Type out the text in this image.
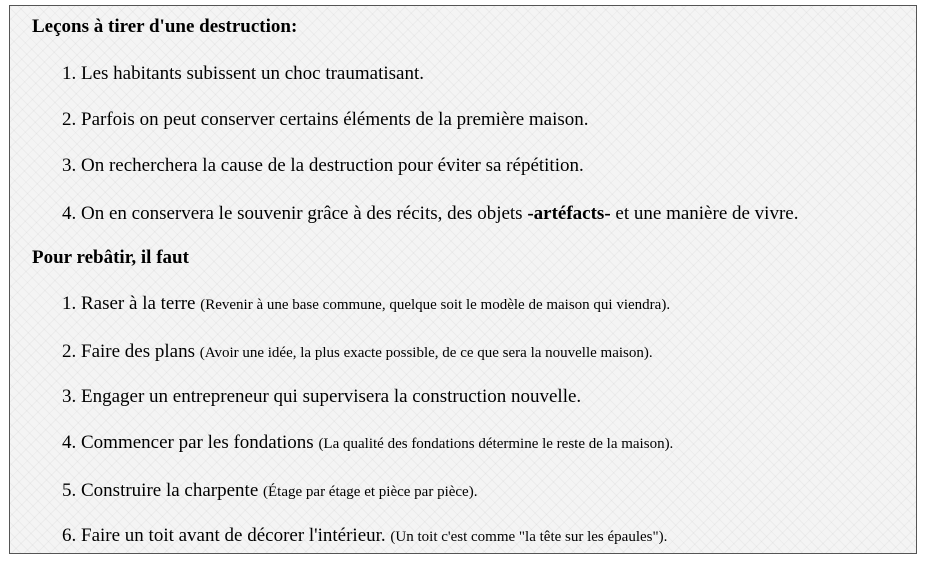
Leçons à tirer d'une destruction:
1. Les habitants subissent un choc traumatisant.
2. Parfois on peut conserver certains éléments de la première maison.
3. On recherchera la cause de la destruction pour éviter sa répétition.
4. On en conservera le souvenir grâce à des récits, des objets -artéfacts- et une manière de vivre.
Pour rebâtir, il faut
1. Raser à la terre (Revenir à une base commune, quelque soit le modèle de maison qui viendra).
2. Faire des plans (Avoir une idée, la plus exacte possible, de ce que sera la nouvelle maison).
3. Engager un entrepreneur qui supervisera la construction nouvelle.
4. Commencer par les fondations (La qualité des fondations détermine le reste de la maison).
5. Construire la charpente (Étage par étage et pièce par pièce).
6. Faire un toit avant de décorer l'intérieur. (Un toit c'est comme "la tête sur les épaules").
